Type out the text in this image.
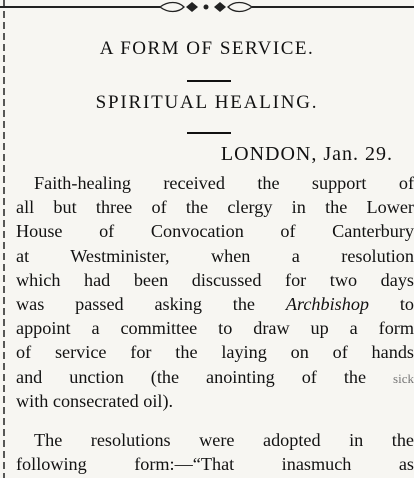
A FORM OF SERVICE.
SPIRITUAL HEALING.
LONDON, Jan. 29.
Faith-healing received the support of
all but three of the clergy in the Lower
House of Convocation of Canterbury
at Westminister, when a resolution
which had been discussed for two days
was passed asking the Archbishop to
appoint a committee to draw up a form
of service for the laying on of hands
and unction (the anointing of the sick
with consecrated oil).
The resolutions were adopted in the
following form:—“That inasmuch as
